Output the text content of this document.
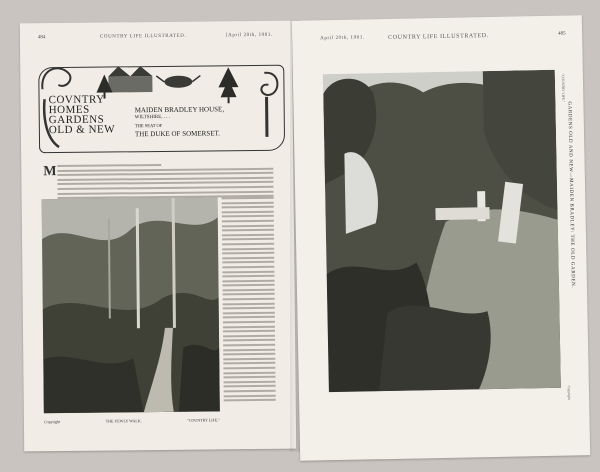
484	COUNTRY LIFE ILLUSTRATED.	[April 20th, 1901.
COVNTRY
HOMES
GARDENS
OLD & NEW
MAIDEN BRADLEY HOUSE,
WILTSHIRE, . . .
THE SEAT OF
THE DUKE OF SOMERSET.
M
Copyright	THE YEWLY WALK.	"COUNTRY LIFE."
April 20th, 1901.	COUNTRY LIFE ILLUSTRATED.	485
GARDENS OLD AND NEW—MAIDEN BRADLEY: THE OLD GARDEN.
"COUNTRY LIFE."
Copyright
